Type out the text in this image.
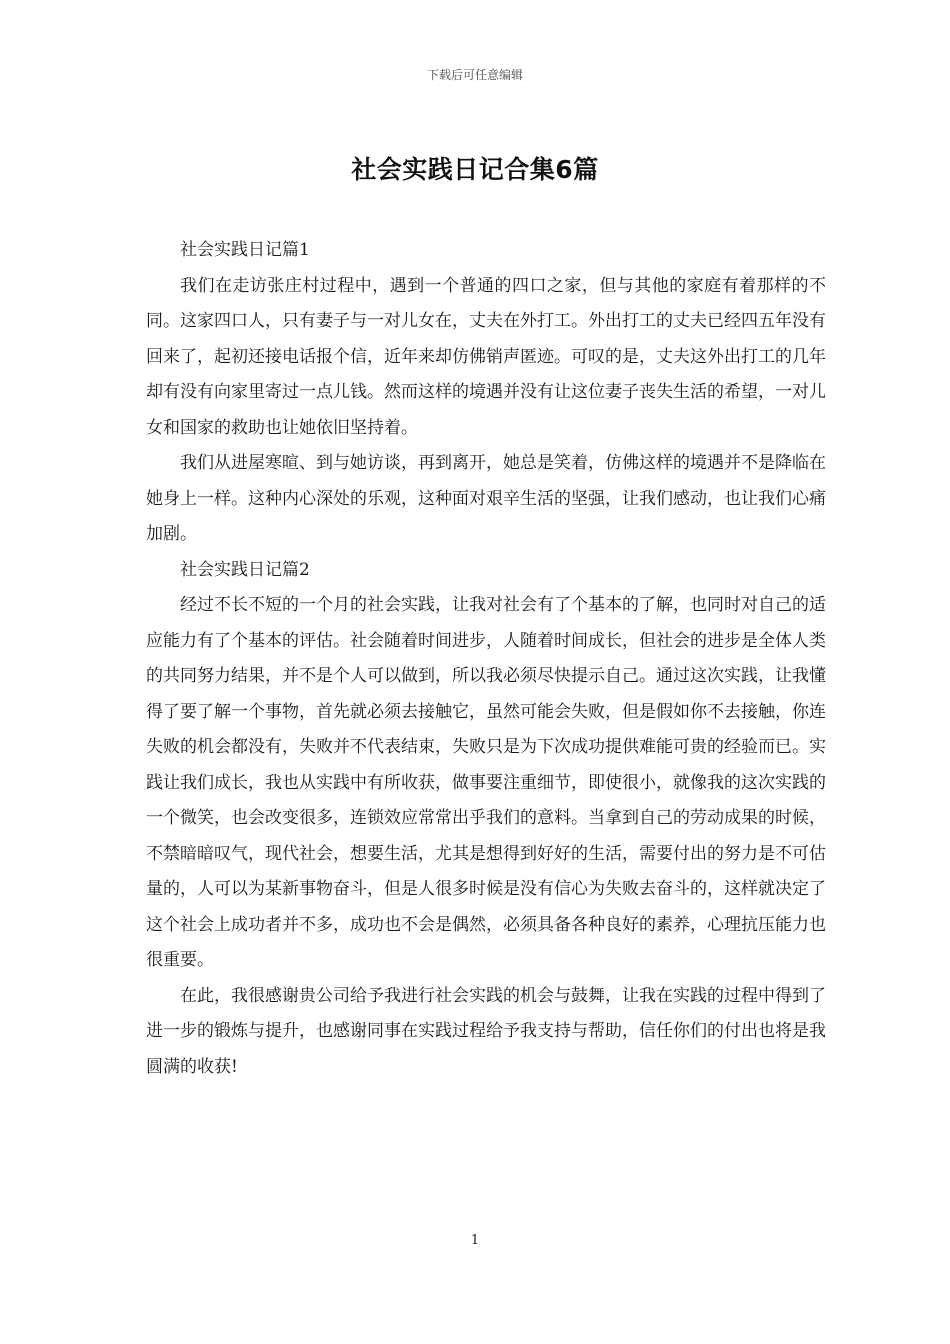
下载后可任意编辑
社会实践日记合集6篇

社会实践日记篇1

我们在走访张庄村过程中，遇到一个普通的四口之家，但与其他的家庭有着那样的不同。这家四口人，只有妻子与一对儿女在，丈夫在外打工。外出打工的丈夫已经四五年没有回来了，起初还接电话报个信，近年来却仿佛销声匿迹。可叹的是，丈夫这外出打工的几年却有没有向家里寄过一点儿钱。然而这样的境遇并没有让这位妻子丧失生活的希望，一对儿女和国家的救助也让她依旧坚持着。

我们从进屋寒暄、到与她访谈，再到离开，她总是笑着，仿佛这样的境遇并不是降临在她身上一样。这种内心深处的乐观，这种面对艰辛生活的坚强，让我们感动，也让我们心痛加剧。

社会实践日记篇2

经过不长不短的一个月的社会实践，让我对社会有了个基本的了解，也同时对自己的适应能力有了个基本的评估。社会随着时间进步，人随着时间成长，但社会的进步是全体人类的共同努力结果，并不是个人可以做到，所以我必须尽快提示自己。通过这次实践，让我懂得了要了解一个事物，首先就必须去接触它，虽然可能会失败，但是假如你不去接触，你连失败的机会都没有，失败并不代表结束，失败只是为下次成功提供难能可贵的经验而已。实践让我们成长，我也从实践中有所收获，做事要注重细节，即使很小，就像我的这次实践的一个微笑，也会改变很多，连锁效应常常出乎我们的意料。当拿到自己的劳动成果的时候，不禁暗暗叹气，现代社会，想要生活，尤其是想得到好好的生活，需要付出的努力是不可估量的，人可以为某新事物奋斗，但是人很多时候是没有信心为失败去奋斗的，这样就决定了这个社会上成功者并不多，成功也不会是偶然，必须具备各种良好的素养，心理抗压能力也很重要。

在此，我很感谢贵公司给予我进行社会实践的机会与鼓舞，让我在实践的过程中得到了进一步的锻炼与提升，也感谢同事在实践过程给予我支持与帮助，信任你们的付出也将是我圆满的收获!

1
